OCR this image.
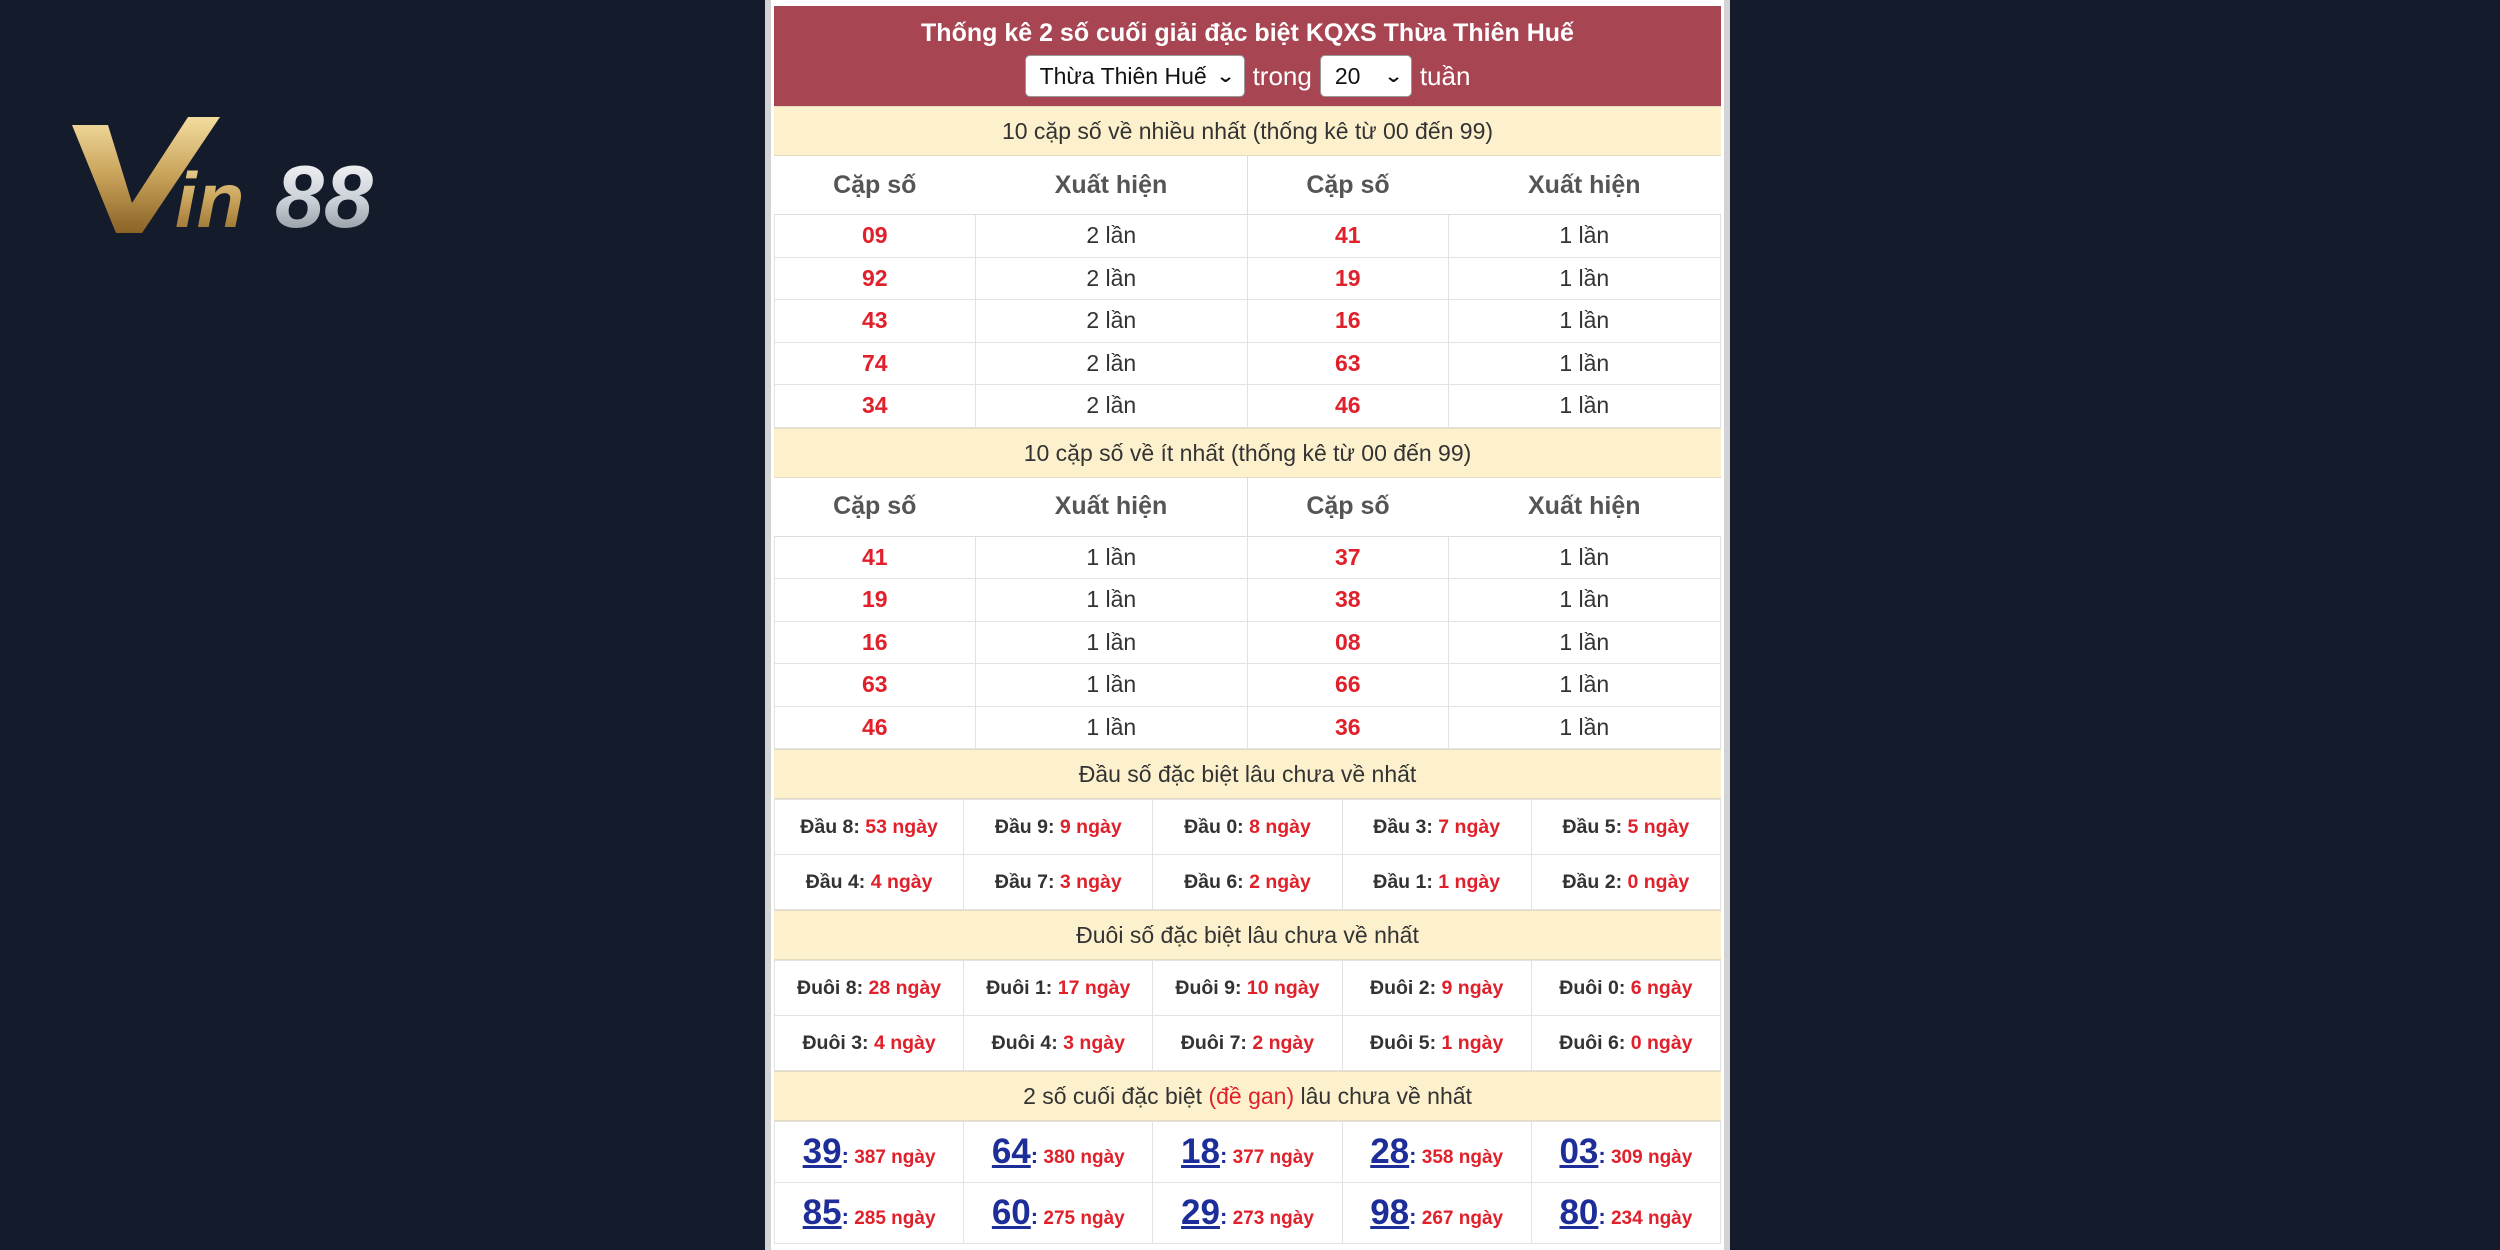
in 88
Thống kê 2 số cuối giải đặc biệt KQXS Thừa Thiên Huế
Thừa Thiên Huế ⌄ trong 20 ⌄ tuần
10 cặp số về nhiều nhất (thống kê từ 00 đến 99)
Cặp số	Xuất hiện	Cặp số	Xuất hiện
09	2 lần	41	1 lần
92	2 lần	19	1 lần
43	2 lần	16	1 lần
74	2 lần	63	1 lần
34	2 lần	46	1 lần
10 cặp số về ít nhất (thống kê từ 00 đến 99)
Cặp số	Xuất hiện	Cặp số	Xuất hiện
41	1 lần	37	1 lần
19	1 lần	38	1 lần
16	1 lần	08	1 lần
63	1 lần	66	1 lần
46	1 lần	36	1 lần
Đầu số đặc biệt lâu chưa về nhất
Đầu 8: 53 ngày	Đầu 9: 9 ngày	Đầu 0: 8 ngày	Đầu 3: 7 ngày	Đầu 5: 5 ngày
Đầu 4: 4 ngày	Đầu 7: 3 ngày	Đầu 6: 2 ngày	Đầu 1: 1 ngày	Đầu 2: 0 ngày
Đuôi số đặc biệt lâu chưa về nhất
Đuôi 8: 28 ngày	Đuôi 1: 17 ngày	Đuôi 9: 10 ngày	Đuôi 2: 9 ngày	Đuôi 0: 6 ngày
Đuôi 3: 4 ngày	Đuôi 4: 3 ngày	Đuôi 7: 2 ngày	Đuôi 5: 1 ngày	Đuôi 6: 0 ngày
2 số cuối đặc biệt (đề gan) lâu chưa về nhất
39: 387 ngày	64: 380 ngày	18: 377 ngày	28: 358 ngày	03: 309 ngày
85: 285 ngày	60: 275 ngày	29: 273 ngày	98: 267 ngày	80: 234 ngày
